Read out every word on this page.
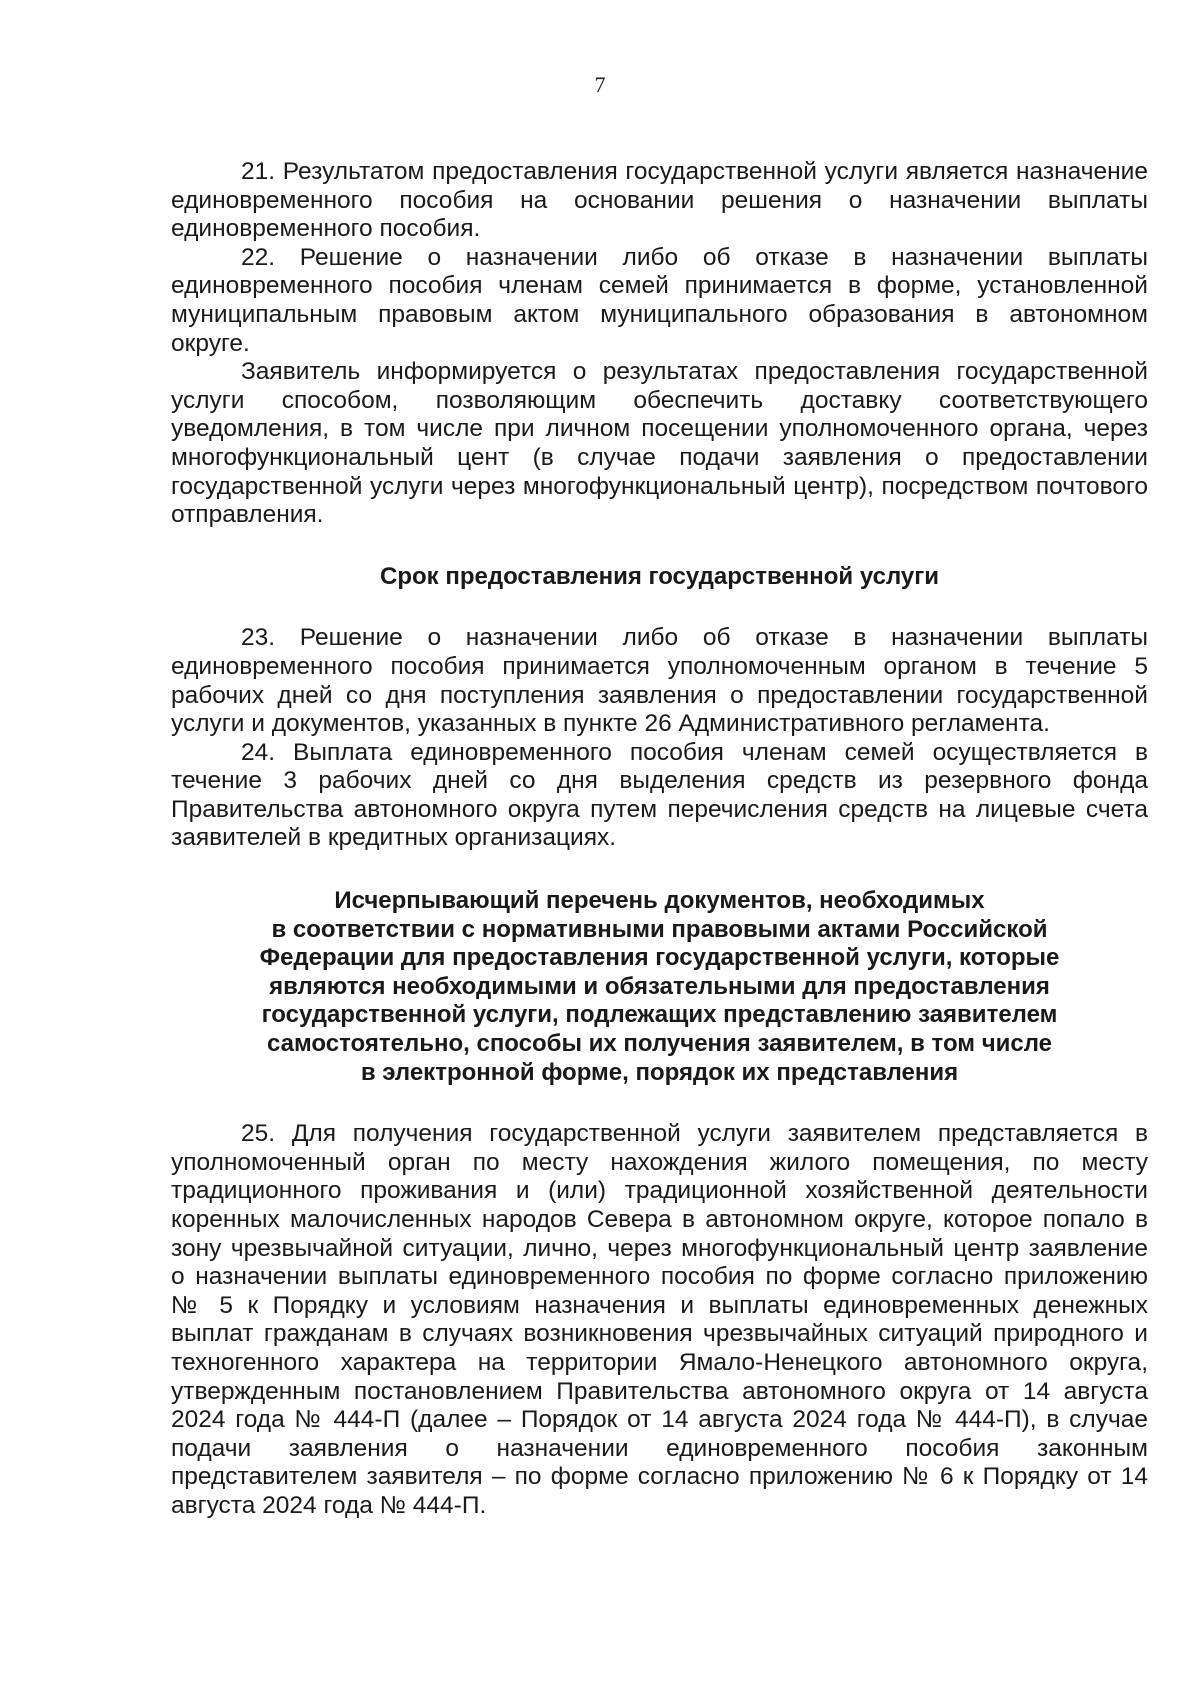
7

21. Результатом предоставления государственной услуги является назначение единовременного пособия на основании решения о назначении выплаты единовременного пособия.

22. Решение о назначении либо об отказе в назначении выплаты единовременного пособия членам семей принимается в форме, установленной муниципальным правовым актом муниципального образования в автономном округе.

Заявитель информируется о результатах предоставления государственной услуги способом, позволяющим обеспечить доставку соответствующего уведомления, в том числе при личном посещении уполномоченного органа, через многофункциональный цент (в случае подачи заявления о предоставлении государственной услуги через многофункциональный центр), посредством почтового отправления.

Срок предоставления государственной услуги

23. Решение о назначении либо об отказе в назначении выплаты единовременного пособия принимается уполномоченным органом в течение 5 рабочих дней со дня поступления заявления о предоставлении государственной услуги и документов, указанных в пункте 26 Административного регламента.

24. Выплата единовременного пособия членам семей осуществляется в течение 3 рабочих дней со дня выделения средств из резервного фонда Правительства автономного округа путем перечисления средств на лицевые счета заявителей в кредитных организациях.

Исчерпывающий перечень документов, необходимых
в соответствии с нормативными правовыми актами Российской
Федерации для предоставления государственной услуги, которые
являются необходимыми и обязательными для предоставления
государственной услуги, подлежащих представлению заявителем
самостоятельно, способы их получения заявителем, в том числе
в электронной форме, порядок их представления

25. Для получения государственной услуги заявителем представляется в уполномоченный орган по месту нахождения жилого помещения, по месту традиционного проживания и (или) традиционной хозяйственной деятельности коренных малочисленных народов Севера в автономном округе, которое попало в зону чрезвычайной ситуации, лично, через многофункциональный центр заявление о назначении выплаты единовременного пособия по форме согласно приложению № 5 к Порядку и условиям назначения и выплаты единовременных денежных выплат гражданам в случаях возникновения чрезвычайных ситуаций природного и техногенного характера на территории Ямало-Ненецкого автономного округа, утвержденным постановлением Правительства автономного округа от 14 августа 2024 года № 444-П (далее – Порядок от 14 августа 2024 года № 444-П), в случае подачи заявления о назначении единовременного пособия законным представителем заявителя – по форме согласно приложению № 6 к Порядку от 14 августа 2024 года № 444-П.
